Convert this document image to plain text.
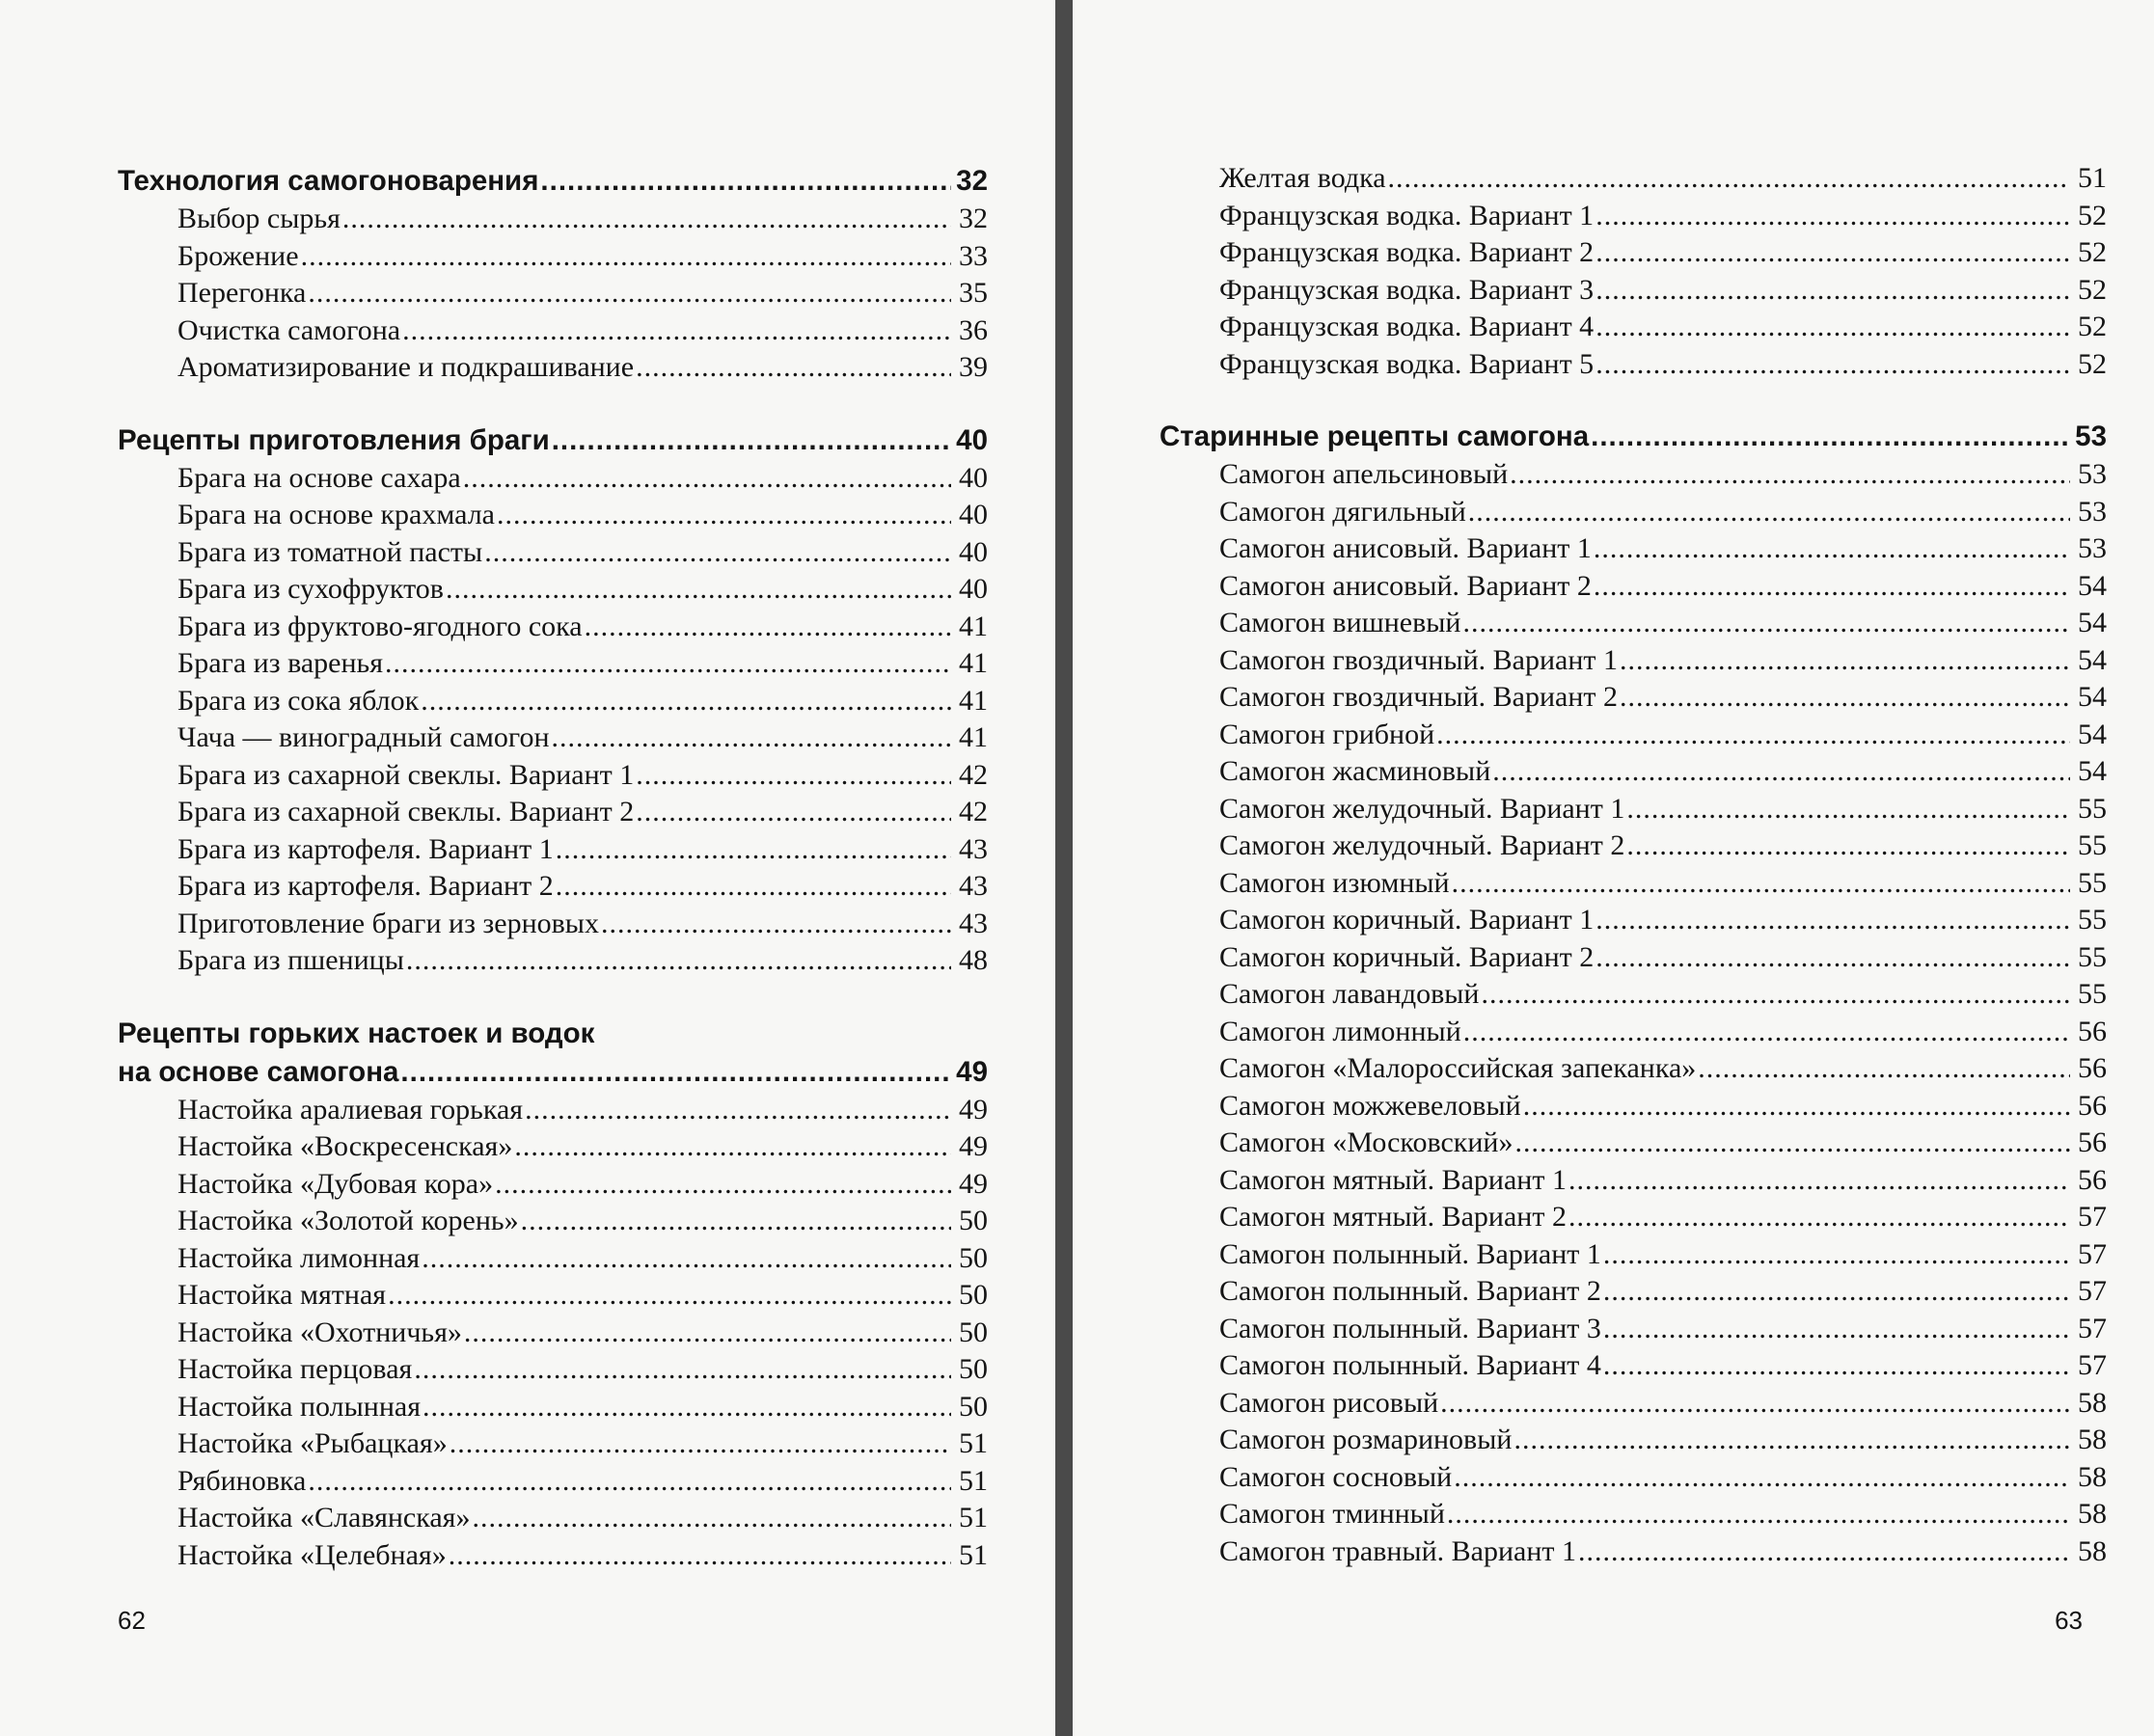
Технология самогоноварения .....	32
Выбор сырья .....	32
Брожение .....	33
Перегонка .....	35
Очистка самогона .....	36
Ароматизирование и подкрашивание .....	39
Рецепты приготовления браги .....	40
Брага на основе сахара .....	40
Брага на основе крахмала .....	40
Брага из томатной пасты .....	40
Брага из сухофруктов .....	40
Брага из фруктово-ягодного сока .....	41
Брага из варенья .....	41
Брага из сока яблок .....	41
Чача — виноградный самогон .....	41
Брага из сахарной свеклы. Вариант 1 .....	42
Брага из сахарной свеклы. Вариант 2 .....	42
Брага из картофеля. Вариант 1 .....	43
Брага из картофеля. Вариант 2 .....	43
Приготовление браги из зерновых .....	43
Брага из пшеницы .....	48
Рецепты горьких настоек и водок
на основе самогона .....	49
Настойка аралиевая горькая .....	49
Настойка «Воскресенская» .....	49
Настойка «Дубовая кора» .....	49
Настойка «Золотой корень» .....	50
Настойка лимонная .....	50
Настойка мятная .....	50
Настойка «Охотничья» .....	50
Настойка перцовая .....	50
Настойка полынная .....	50
Настойка «Рыбацкая» .....	51
Рябиновка .....	51
Настойка «Славянская» .....	51
Настойка «Целебная» .....	51
62
Желтая водка .....	51
Французская водка. Вариант 1 .....	52
Французская водка. Вариант 2 .....	52
Французская водка. Вариант 3 .....	52
Французская водка. Вариант 4 .....	52
Французская водка. Вариант 5 .....	52
Старинные рецепты самогона .....	53
Самогон апельсиновый .....	53
Самогон дягильный .....	53
Самогон анисовый. Вариант 1 .....	53
Самогон анисовый. Вариант 2 .....	54
Самогон вишневый .....	54
Самогон гвоздичный. Вариант 1 .....	54
Самогон гвоздичный. Вариант 2 .....	54
Самогон грибной .....	54
Самогон жасминовый .....	54
Самогон желудочный. Вариант 1 .....	55
Самогон желудочный. Вариант 2 .....	55
Самогон изюмный .....	55
Самогон коричный. Вариант 1 .....	55
Самогон коричный. Вариант 2 .....	55
Самогон лавандовый .....	55
Самогон лимонный .....	56
Самогон «Малороссийская запеканка» .....	56
Самогон можжевеловый .....	56
Самогон «Московский» .....	56
Самогон мятный. Вариант 1 .....	56
Самогон мятный. Вариант 2 .....	57
Самогон полынный. Вариант 1 .....	57
Самогон полынный. Вариант 2 .....	57
Самогон полынный. Вариант 3 .....	57
Самогон полынный. Вариант 4 .....	57
Самогон рисовый .....	58
Самогон розмариновый .....	58
Самогон сосновый .....	58
Самогон тминный .....	58
Самогон травный. Вариант 1 .....	58
63
